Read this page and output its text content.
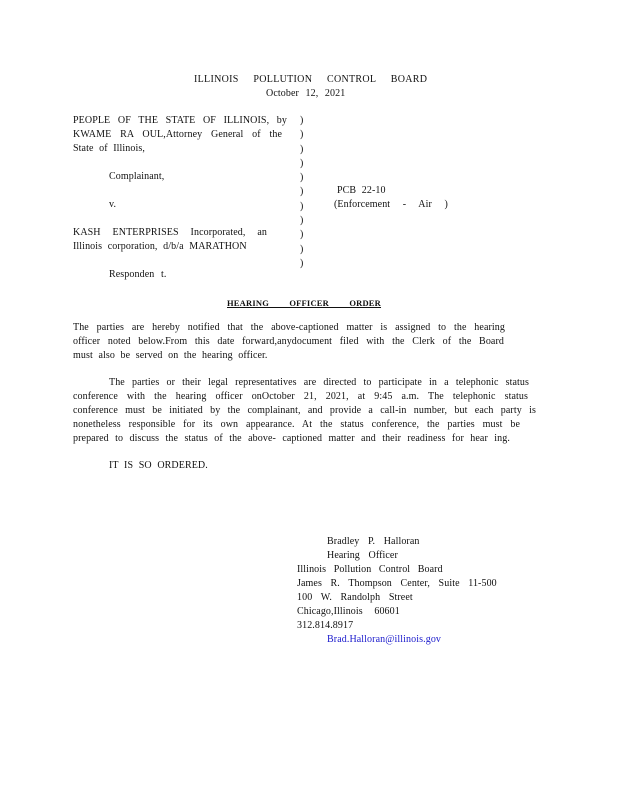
ILLINOIS POLLUTION CONTROL BOARD
October 12, 2021
PEOPLE OF THE STATE OF ILLINOIS, by
KWAME RA OUL,Attorney General of the
State of Illinois,
Complainant,
v.
KASH ENTERPRISES Incorporated, an
Illinois corporation, d/b/a MARATHON
Responden t.
)
)
)
)
)
)
)
)
)
)
)
PCB 22-10
(Enforcement - Air )
HEARING OFFICER ORDER
The parties are hereby notified that the above-captioned matter is assigned to the hearing
officer noted below.From this date forward,anydocument filed with the Clerk of the Board
must also be served on the hearing officer.
The parties or their legal representatives are directed to participate in a telephonic status
conference with the hearing officer onOctober 21, 2021, at 9:45 a.m. The telephonic status
conference must be initiated by the complainant, and provide a call-in number, but each party is
nonetheless responsible for its own appearance. At the status conference, the parties must be
prepared to discuss the status of the above- captioned matter and their readiness for hear ing.
IT IS SO ORDERED.
Bradley P. Halloran
Hearing Officer
Illinois Pollution Control Board
James R. Thompson Center, Suite 11-500
100 W. Randolph Street
Chicago,Illinois 60601
312.814.8917
Brad.Halloran@illinois.gov
